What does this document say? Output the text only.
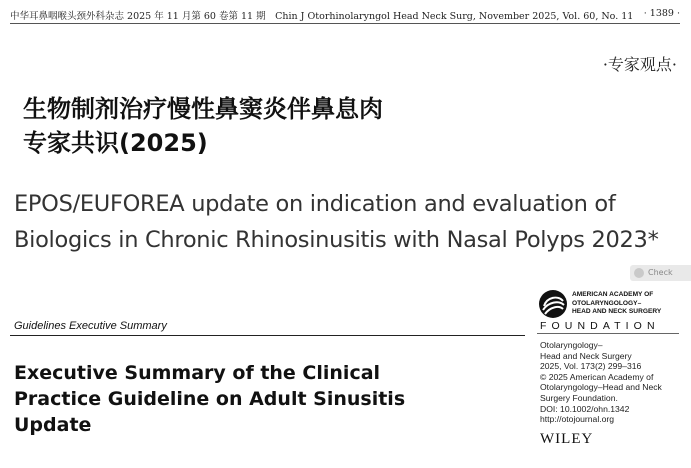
中华耳鼻咽喉头颈外科杂志 2025 年 11 月第 60 卷第 11 期　Chin J Otorhinolaryngol Head Neck Surg, November 2025, Vol. 60, No. 11 · 1389 ·
·专家观点·
生物制剂治疗慢性鼻窦炎伴鼻息肉
专家共识(2025)
EPOS/EUFOREA update on indication and evaluation of
Biologics in Chronic Rhinosinusitis with Nasal Polyps 2023*
Check
AMERICAN ACADEMY OF
OTOLARYNGOLOGY–
HEAD AND NECK SURGERY
FOUNDATION
Guidelines Executive Summary
Executive Summary of the Clinical
Practice Guideline on Adult Sinusitis
Update
Otolaryngology–
Head and Neck Surgery
2025, Vol. 173(2) 299–316
© 2025 American Academy of
Otolaryngology–Head and Neck
Surgery Foundation.
DOI: 10.1002/ohn.1342
http://otojournal.org
WILEY
